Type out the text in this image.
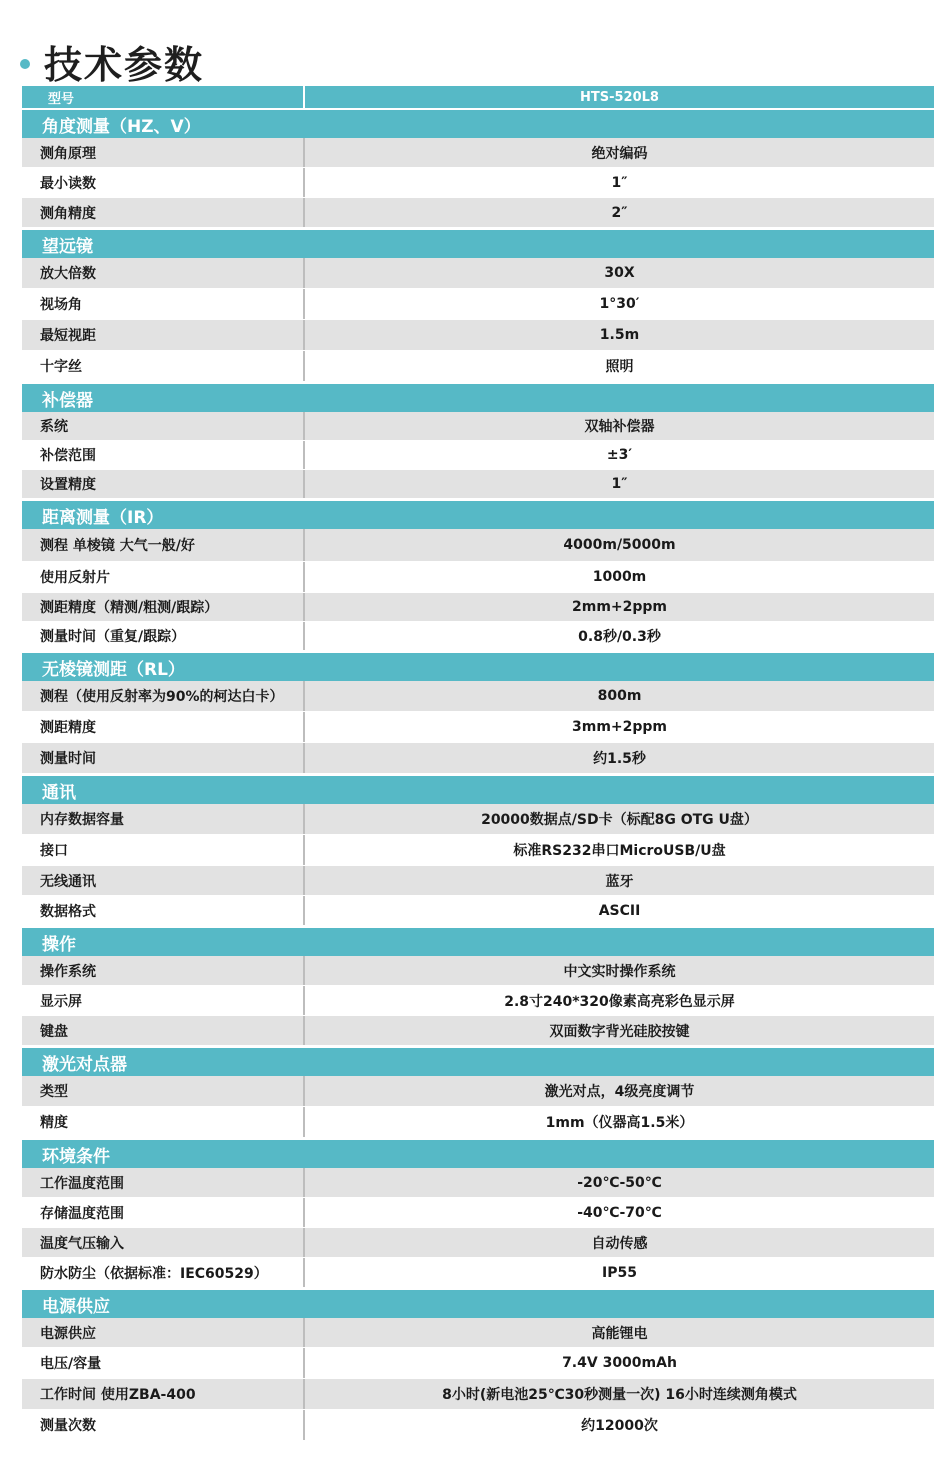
技术参数
型号	HTS-520L8
角度测量（HZ、V）
测角原理	绝对编码
最小读数	1″
测角精度	2″
望远镜
放大倍数	30X
视场角	1°30′
最短视距	1.5m
十字丝	照明
补偿器
系统	双轴补偿器
补偿范围	±3′
设置精度	1″
距离测量（IR）
测程 单棱镜 大气一般/好	4000m/5000m
使用反射片	1000m
测距精度（精测/粗测/跟踪）	2mm+2ppm
测量时间（重复/跟踪）	0.8秒/0.3秒
无棱镜测距（RL）
测程（使用反射率为90%的柯达白卡）	800m
测距精度	3mm+2ppm
测量时间	约1.5秒
通讯
内存数据容量	20000数据点/SD卡（标配8G OTG U盘）
接口	标准RS232串口MicroUSB/U盘
无线通讯	蓝牙
数据格式	ASCII
操作
操作系统	中文实时操作系统
显示屏	2.8寸240*320像素高亮彩色显示屏
键盘	双面数字背光硅胶按键
激光对点器
类型	激光对点，4级亮度调节
精度	1mm（仪器高1.5米）
环境条件
工作温度范围	-20℃-50℃
存储温度范围	-40℃-70℃
温度气压输入	自动传感
防水防尘（依据标准：IEC60529）	IP55
电源供应
电源供应	高能锂电
电压/容量	7.4V 3000mAh
工作时间 使用ZBA-400	8小时(新电池25℃30秒测量一次) 16小时连续测角模式
测量次数	约12000次
